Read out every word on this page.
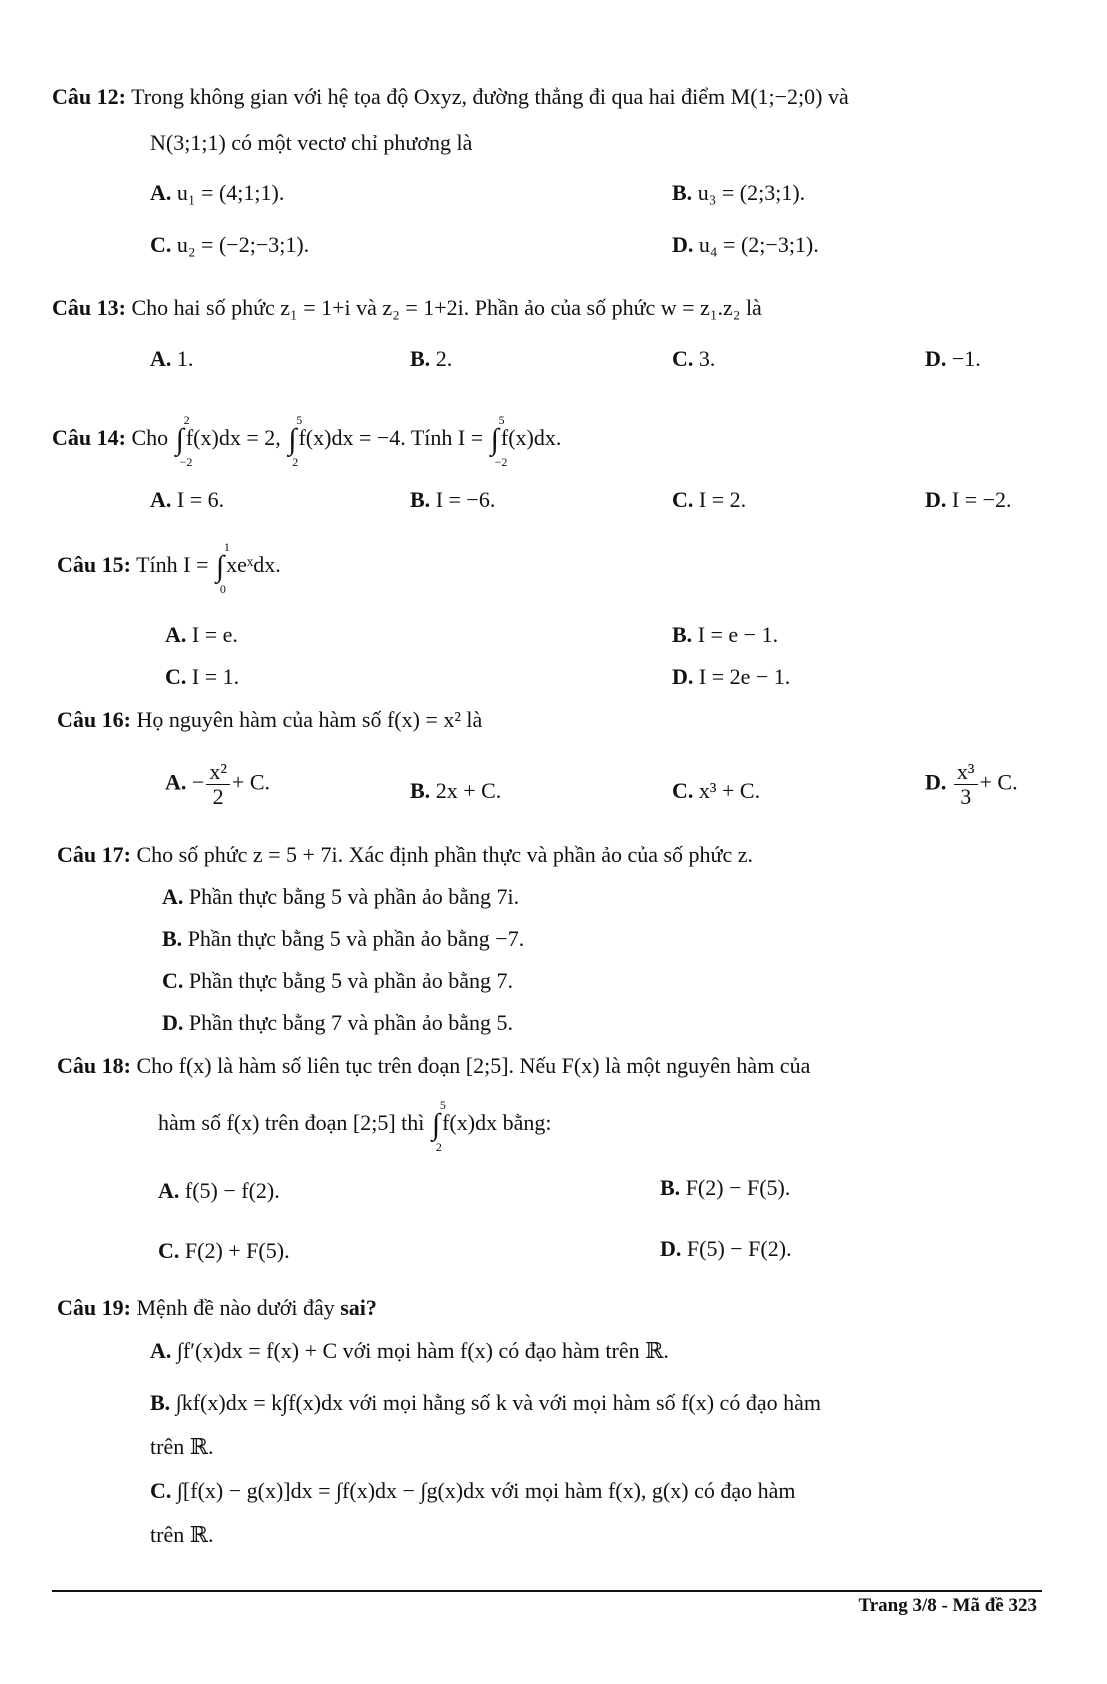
Câu 12: Trong không gian với hệ tọa độ Oxyz, đường thẳng đi qua hai điểm M(1;−2;0) và
N(3;1;1) có một vectơ chỉ phương là
A. u₁ = (4;1;1).	B. u₃ = (2;3;1).
C. u₂ = (−2;−3;1).	D. u₄ = (2;−3;1).
Câu 13: Cho hai số phức z₁ = 1+i và z₂ = 1+2i. Phần ảo của số phức w = z₁.z₂ là
A. 1.	B. 2.	C. 3.	D. −1.
Câu 14: Cho ∫
2
−2
f(x)dx = 2, ∫
5
2
f(x)dx = −4. Tính I = ∫
5
−2
f(x)dx.
A. I = 6.	B. I = −6.	C. I = 2.	D. I = −2.
Câu 15: Tính I = ∫
1
0
xeˣdx.
A. I = e.	B. I = e − 1.
C. I = 1.	D. I = 2e − 1.
Câu 16: Họ nguyên hàm của hàm số f(x) = x² là
A. − $\frac{\text{x²}}{2} + C$.	B. 2x + C.	C. x³ + C.	D. $\frac{\text{x³}}{3} + C$.
Câu 17: Cho số phức z = 5 + 7i. Xác định phần thực và phần ảo của số phức z.
A. Phần thực bằng 5 và phần ảo bằng 7i.
B. Phần thực bằng 5 và phần ảo bằng −7.
C. Phần thực bằng 5 và phần ảo bằng 7.
D. Phần thực bằng 7 và phần ảo bằng 5.
Câu 18: Cho f(x) là hàm số liên tục trên đoạn [2;5]. Nếu F(x) là một nguyên hàm của
hàm số f(x) trên đoạn [2;5] thì ∫
5
2
f(x)dx bằng:
A. f(5) − f(2).	B. F(2) − F(5).
C. F(2) + F(5).	D. F(5) − F(2).
Câu 19: Mệnh đề nào dưới đây sai?
A. ∫f′(x)dx = f(x) + C với mọi hàm f(x) có đạo hàm trên ℝ.
B. ∫kf(x)dx = k∫f(x)dx với mọi hằng số k và với mọi hàm số f(x) có đạo hàm
trên ℝ.
C. ∫[f(x) − g(x)]dx = ∫f(x)dx − ∫g(x)dx với mọi hàm f(x), g(x) có đạo hàm
trên ℝ.
Trang 3/8 - Mã đề 323
